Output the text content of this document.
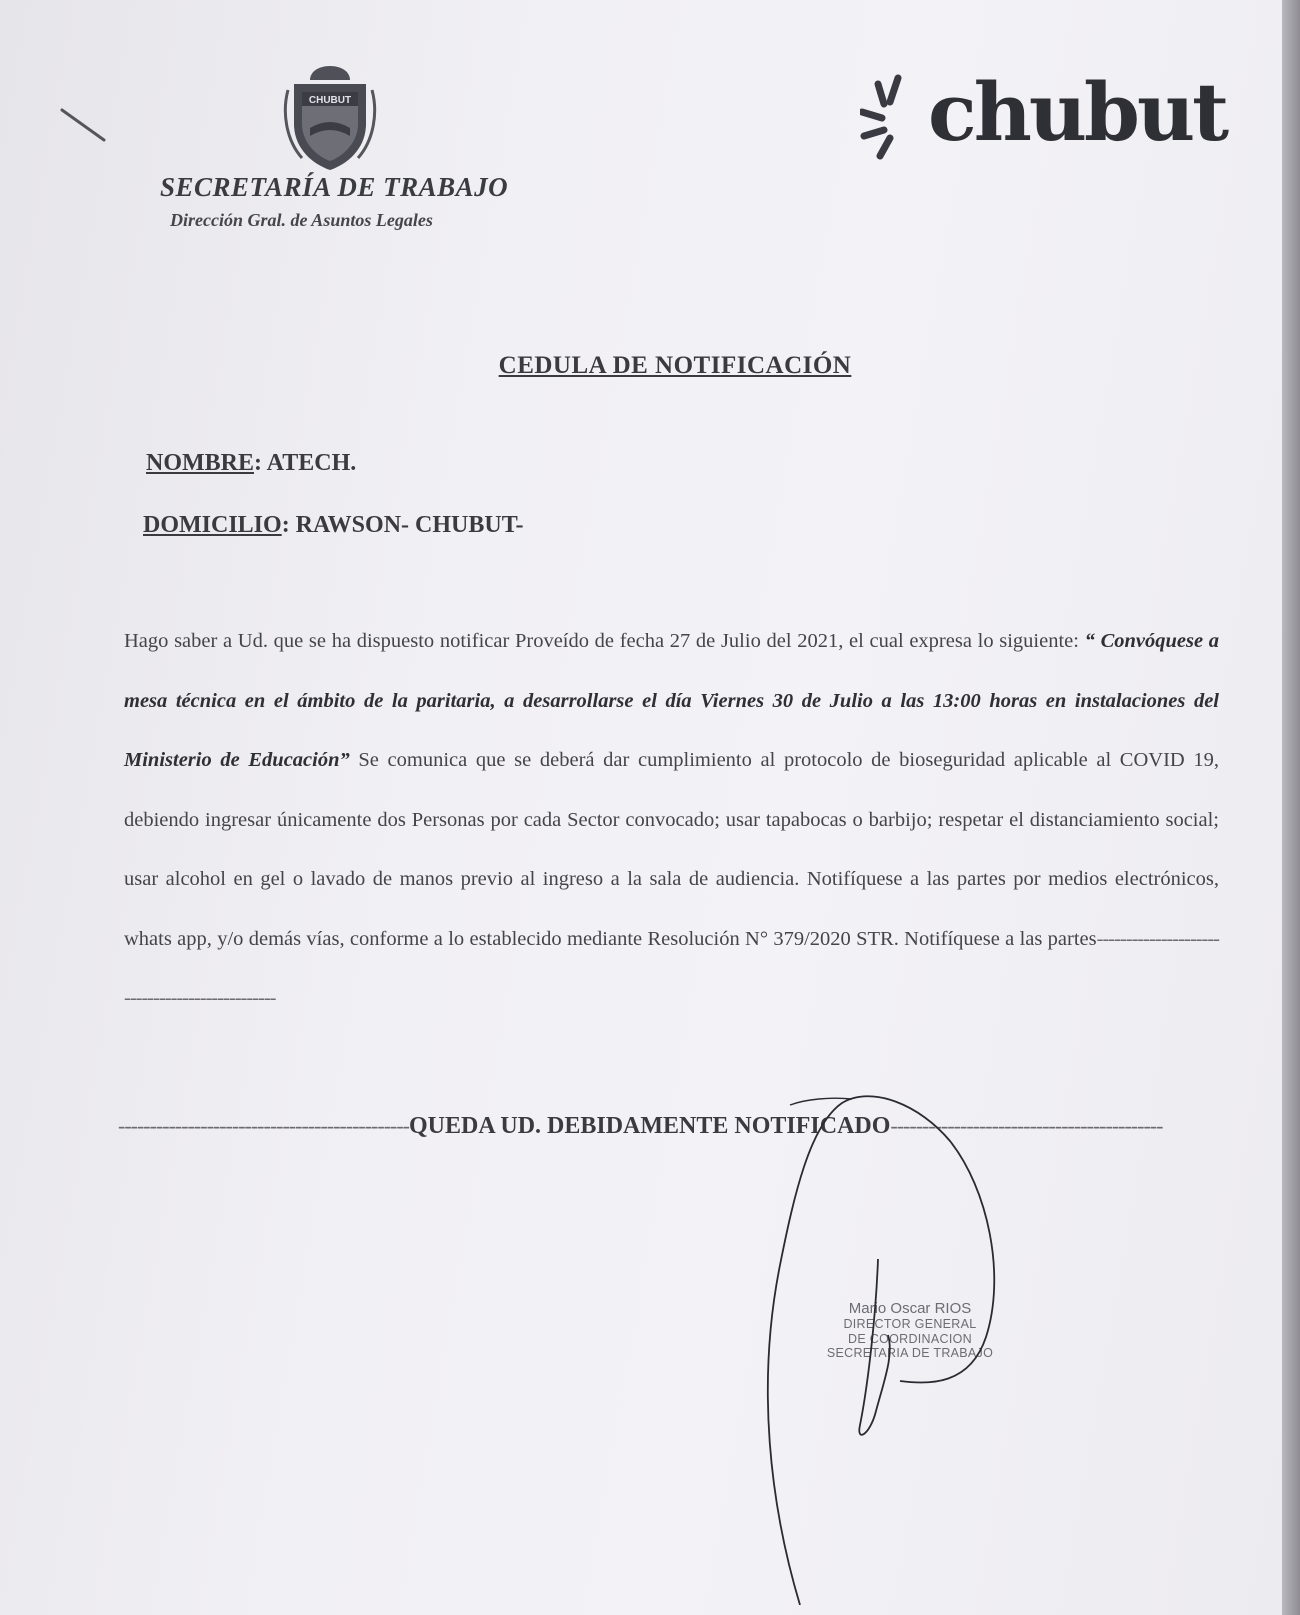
CHUBUT	chubut
SECRETARÍA DE TRABAJO
Dirección Gral. de Asuntos Legales
CEDULA DE NOTIFICACIÓN
NOMBRE: ATECH.
DOMICILIO: RAWSON- CHUBUT-
Hago saber a Ud. que se ha dispuesto notificar Proveído de fecha 27 de Julio del 2021, el cual expresa lo siguiente: “ Convóquese a mesa técnica en el ámbito de la paritaria, a desarrollarse el día Viernes 30 de Julio a las 13:00 horas en instalaciones del Ministerio de Educación” Se comunica que se deberá dar cumplimiento al protocolo de bioseguridad aplicable al COVID 19, debiendo ingresar únicamente dos Personas por cada Sector convocado; usar tapabocas o barbijo; respetar el distanciamiento social; usar alcohol en gel o lavado de manos previo al ingreso a la sala de audiencia. Notifíquese a las partes por medios electrónicos, whats app, y/o demás vías, conforme a lo establecido mediante Resolución N° 379/2020 STR. Notifíquese a las partes-----------------------------------------------
----------------------------------------------QUEDA UD. DEBIDAMENTE NOTIFICADO-------------------------------------------
Mario Oscar RIOS
DIRECTOR GENERAL
DE COORDINACION
SECRETARIA DE TRABAJO
